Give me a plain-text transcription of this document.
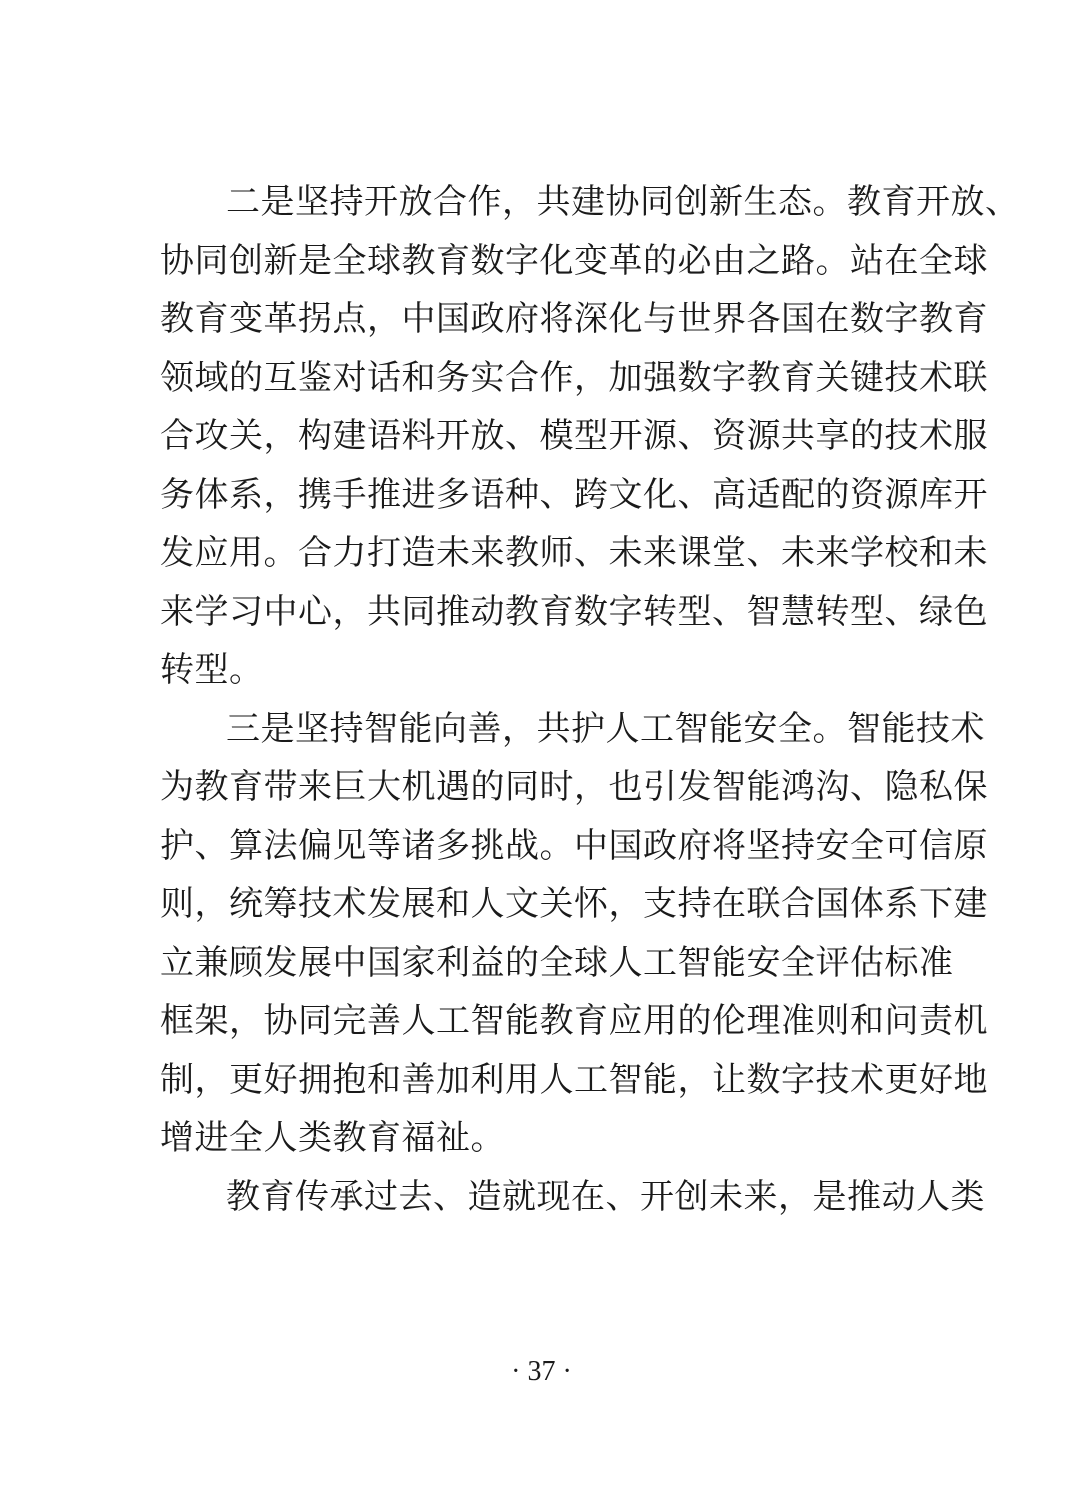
二是坚持开放合作，共建协同创新生态。教育开放、
协同创新是全球教育数字化变革的必由之路。站在全球
教育变革拐点，中国政府将深化与世界各国在数字教育
领域的互鉴对话和务实合作，加强数字教育关键技术联
合攻关，构建语料开放、模型开源、资源共享的技术服
务体系，携手推进多语种、跨文化、高适配的资源库开
发应用。合力打造未来教师、未来课堂、未来学校和未
来学习中心，共同推动教育数字转型、智慧转型、绿色
转型。
三是坚持智能向善，共护人工智能安全。智能技术
为教育带来巨大机遇的同时，也引发智能鸿沟、隐私保
护、算法偏见等诸多挑战。中国政府将坚持安全可信原
则，统筹技术发展和人文关怀，支持在联合国体系下建
立兼顾发展中国家利益的全球人工智能安全评估标准
框架，协同完善人工智能教育应用的伦理准则和问责机
制，更好拥抱和善加利用人工智能，让数字技术更好地
增进全人类教育福祉。
教育传承过去、造就现在、开创未来，是推动人类
· 37 ·
